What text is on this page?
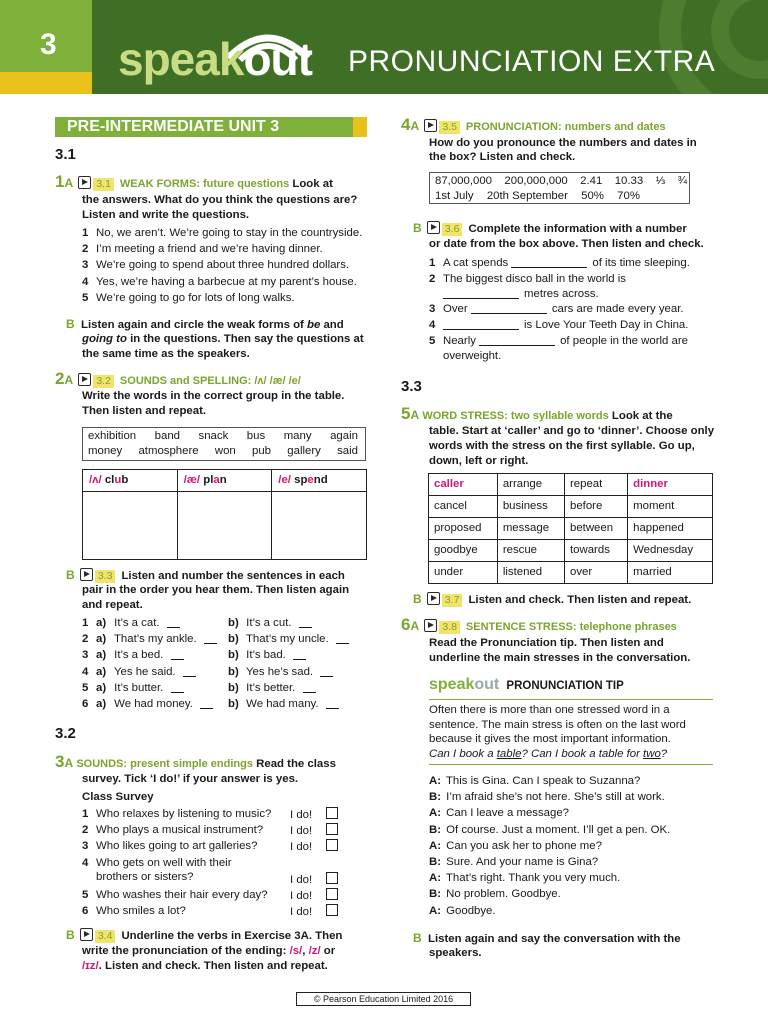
3	speakout PRONUNCIATION EXTRA
PRE-INTERMEDIATE UNIT 3
3.1
1A 3.1 WEAK FORMS: future questions Look at
the answers. What do you think the questions are?
Listen and write the questions.
1 No, we aren’t. We’re going to stay in the countryside.
2 I’m meeting a friend and we’re having dinner.
3 We’re going to spend about three hundred dollars.
4 Yes, we’re having a barbecue at my parent’s house.
5 We’re going to go for lots of long walks.
B Listen again and circle the weak forms of be and
going to in the questions. Then say the questions at
the same time as the speakers.
2A 3.2 SOUNDS and SPELLING: /ʌ/ /æ/ /e/
Write the words in the correct group in the table.
Then listen and repeat.
exhibition band snack bus many again
money atmosphere won pub gallery said
/ʌ/ club	/æ/ plan	/e/ spend

B 3.3 Listen and number the sentences in each
pair in the order you hear them. Then listen again
and repeat.
1 a) It’s a cat.	b) It’s a cut.
2 a) That’s my ankle.	b) That’s my uncle.
3 a) It’s a bed.	b) It’s bad.
4 a) Yes he said.	b) Yes he’s sad.
5 a) It’s butter.	b) It’s better.
6 a) We had money.	b) We had many.
3.2
3A SOUNDS: present simple endings Read the class
survey. Tick ‘I do!’ if your answer is yes.
Class Survey
1 Who relaxes by listening to music?	I do!
2 Who plays a musical instrument?	I do!
3 Who likes going to art galleries?	I do!
4 Who gets on well with their
brothers or sisters?	I do!
5 Who washes their hair every day?	I do!
6 Who smiles a lot?	I do!
B 3.4 Underline the verbs in Exercise 3A. Then
write the pronunciation of the ending: /s/, /z/ or
/ɪz/. Listen and check. Then listen and repeat.
4A 3.5 PRONUNCIATION: numbers and dates
How do you pronounce the numbers and dates in
the box? Listen and check.
87,000,000 200,000,000 2.41 10.33 ⅓ ¾
1st July 20th September 50% 70%
B 3.6 Complete the information with a number
or date from the box above. Then listen and check.
1 A cat spends	of its time sleeping.
2 The biggest disco ball in the world is
metres across.
3 Over	cars are made every year.
4	is Love Your Teeth Day in China.
5 Nearly	of people in the world are
overweight.
3.3
5A WORD STRESS: two syllable words Look at the
table. Start at ‘caller’ and go to ‘dinner’. Choose only
words with the stress on the first syllable. Go up,
down, left or right.
caller	arrange	repeat	dinner
cancel	business	before	moment
proposed	message	between	happened
goodbye	rescue	towards	Wednesday
under	listened	over	married
B 3.7 Listen and check. Then listen and repeat.
6A 3.8 SENTENCE STRESS: telephone phrases
Read the Pronunciation tip. Then listen and
underline the main stresses in the conversation.
speakout PRONUNCIATION TIP
Often there is more than one stressed word in a
sentence. The main stress is often on the last word
because it gives the most important information.
Can I book a table? Can I book a table for two?
A: This is Gina. Can I speak to Suzanna?
B: I’m afraid she’s not here. She’s still at work.
A: Can I leave a message?
B: Of course. Just a moment. I’ll get a pen. OK.
A: Can you ask her to phone me?
B: Sure. And your name is Gina?
A: That’s right. Thank you very much.
B: No problem. Goodbye.
A: Goodbye.
B Listen again and say the conversation with the
speakers.
© Pearson Education Limited 2016
